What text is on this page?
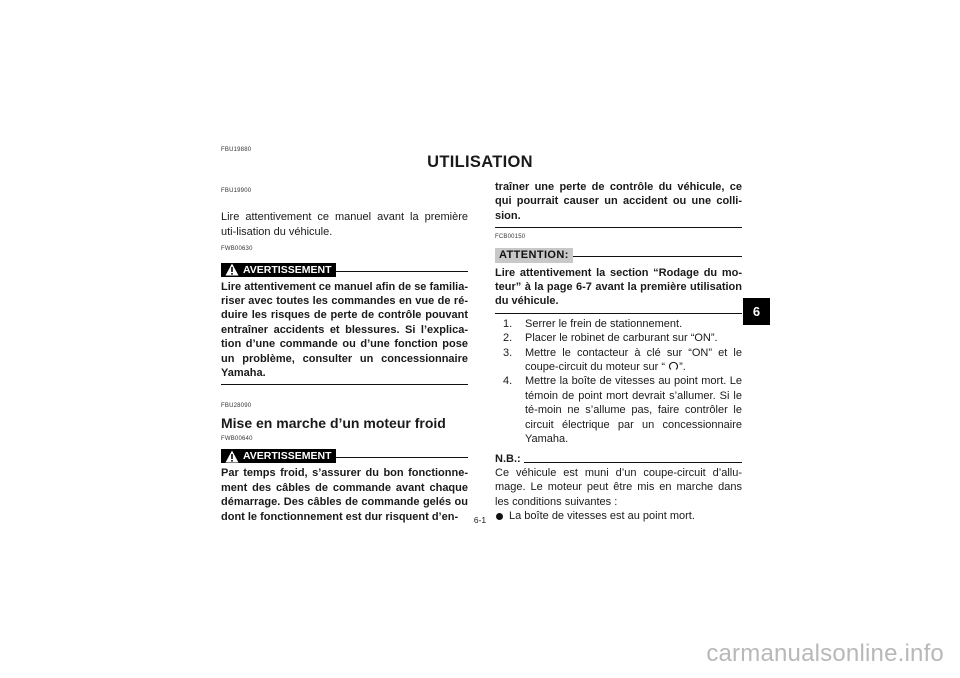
FBU19880
UTILISATION
FBU19900

Lire attentivement ce manuel avant la première uti-lisation du véhicule.

FWB00630
AVERTISSEMENT

Lire attentivement ce manuel afin de se familia-riser avec toutes les commandes en vue de ré-duire les risques de perte de contrôle pouvant entraîner accidents et blessures. Si l’explica-tion d’une commande ou d’une fonction pose un problème, consulter un concessionnaire Yamaha.

FBU28090
Mise en marche d’un moteur froid
FWB00640
AVERTISSEMENT

Par temps froid, s’assurer du bon fonctionne-ment des câbles de commande avant chaque démarrage. Des câbles de commande gelés ou dont le fonctionnement est dur risquent d’en-

traîner une perte de contrôle du véhicule, ce qui pourrait causer un accident ou une colli-sion.

FCB00150
ATTENTION:

Lire attentivement la section “Rodage du mo-teur” à la page 6-7 avant la première utilisation du véhicule.

1.	Serrer le frein de stationnement.
2.	Placer le robinet de carburant sur “ON”.
3.	Mettre le contacteur à clé sur “ON” et le coupe-circuit du moteur sur “ ”.
4.	Mettre la boîte de vitesses au point mort. Le témoin de point mort devrait s’allumer. Si le té-moin ne s’allume pas, faire contrôler le circuit électrique par un concessionnaire Yamaha.
N.B.:

Ce véhicule est muni d’un coupe-circuit d’allu-mage. Le moteur peut être mis en marche dans les conditions suivantes :

La boîte de vitesses est au point mort.
6
6-1
carmanualsonline.info
